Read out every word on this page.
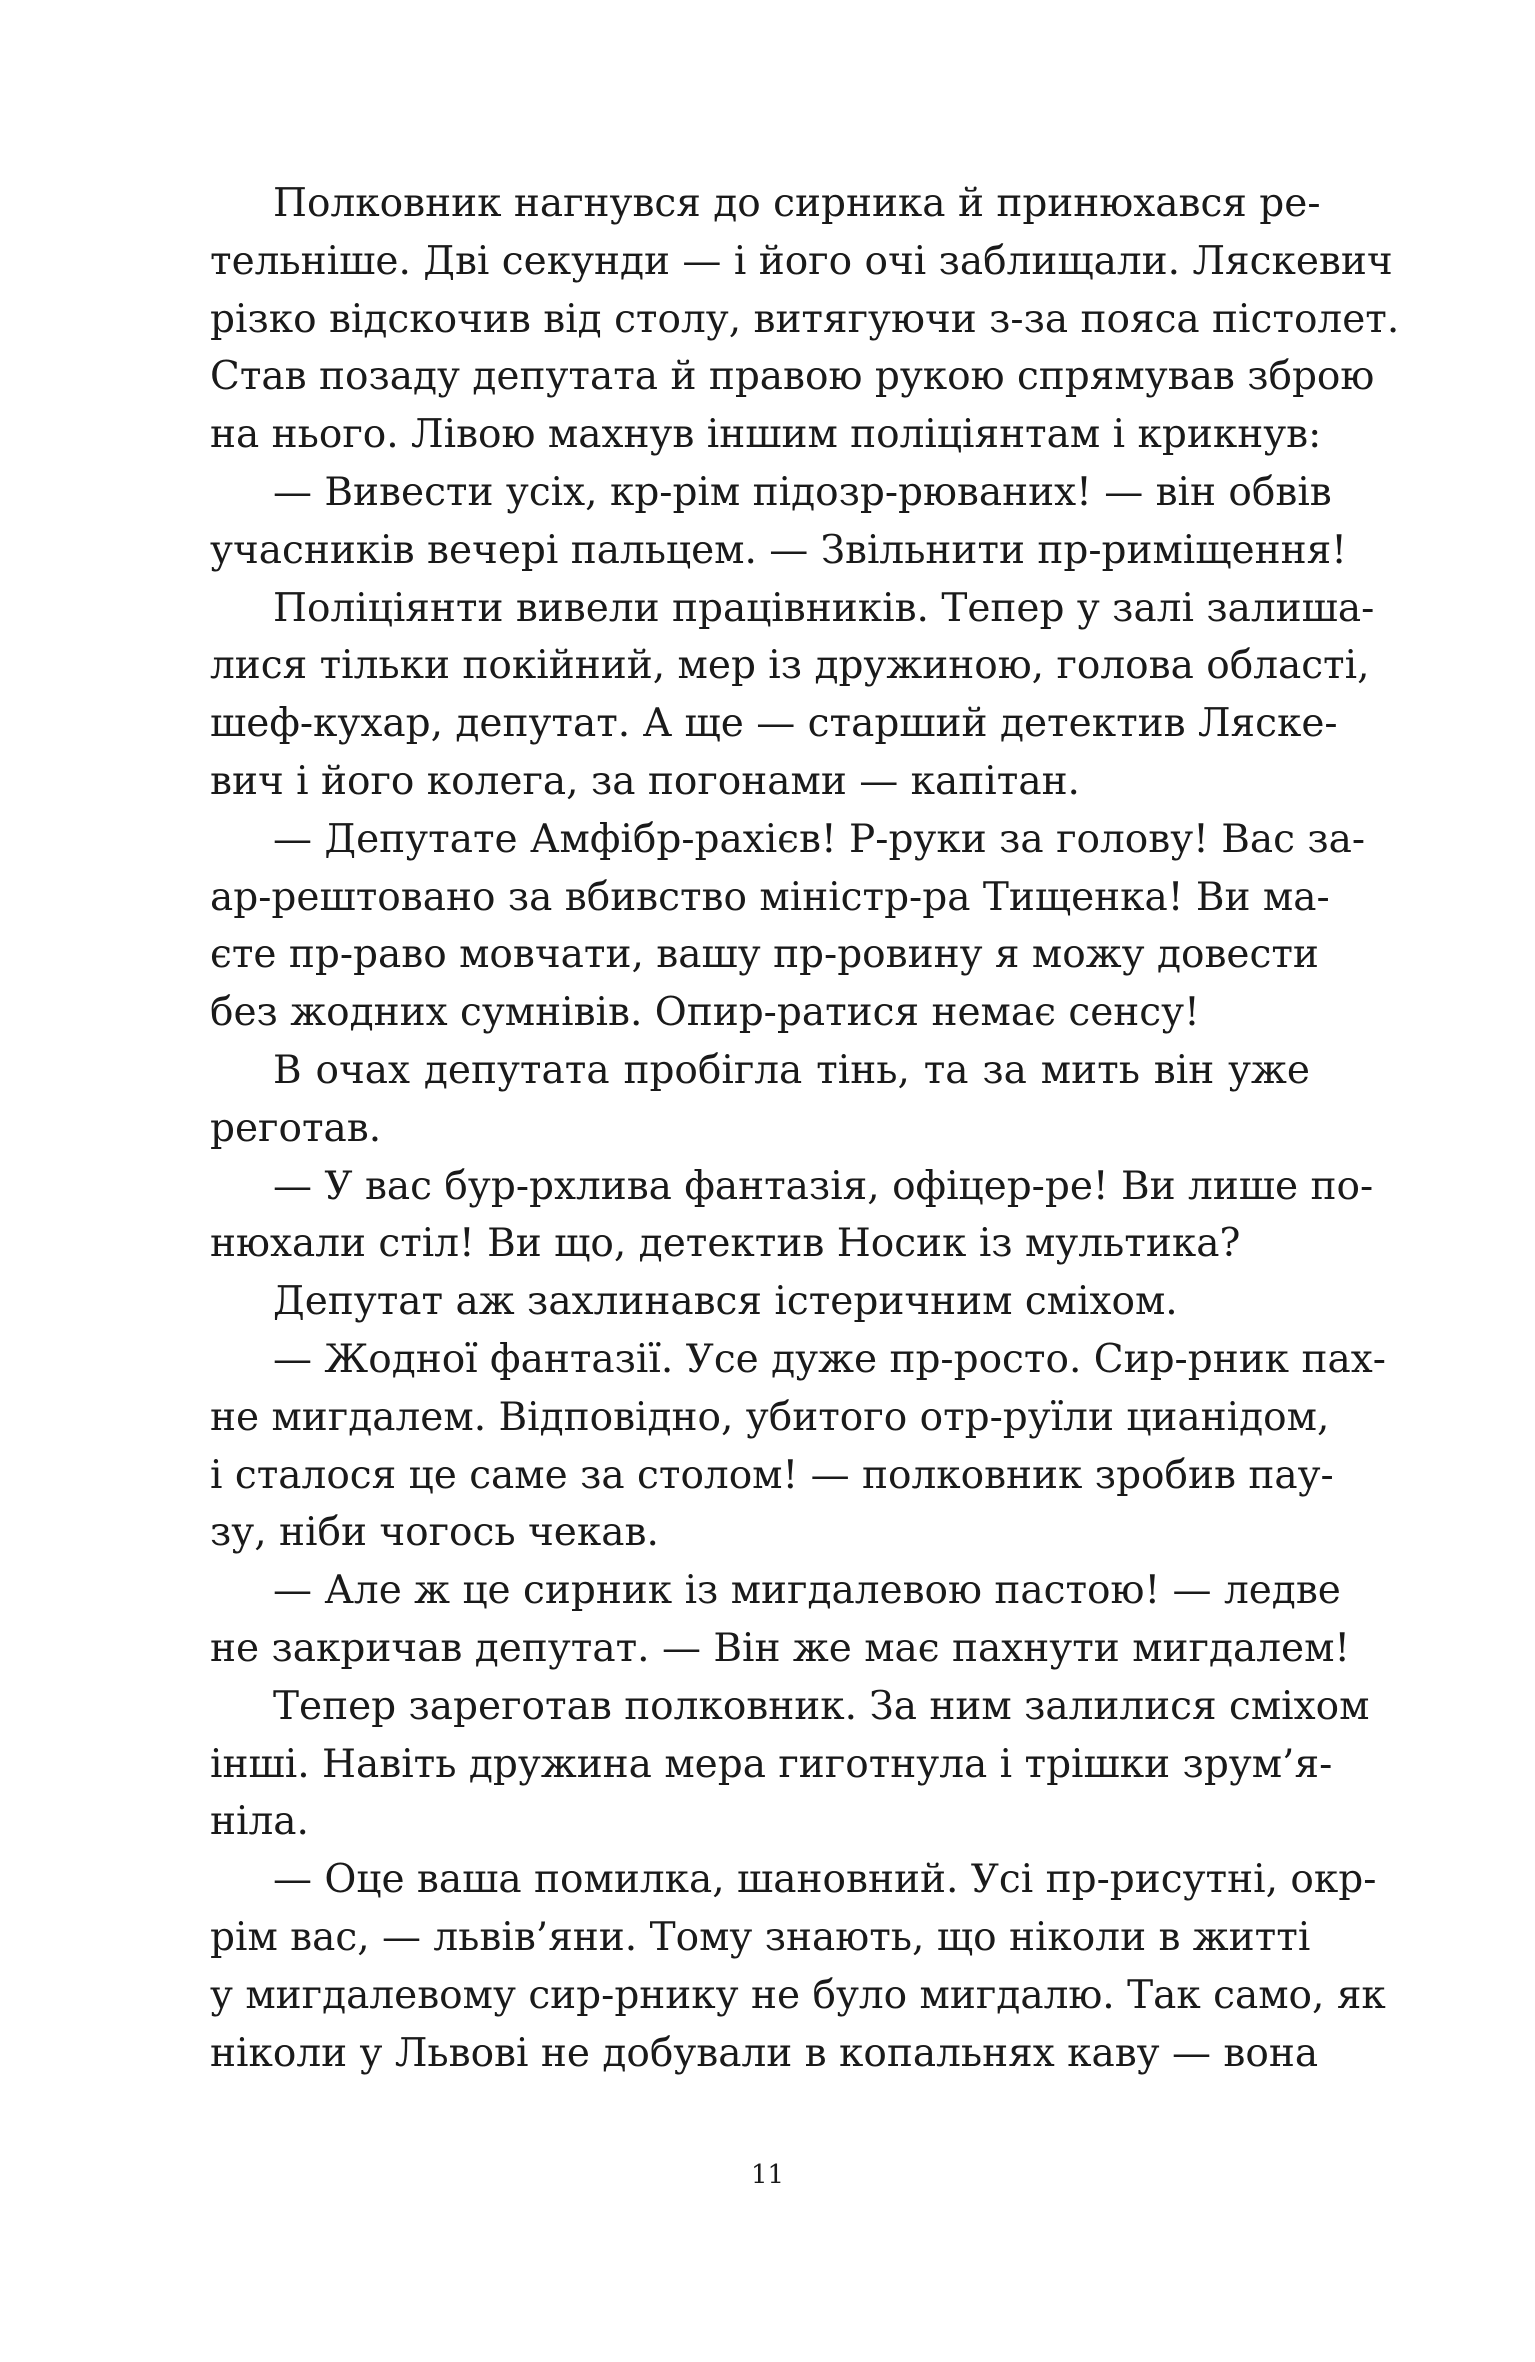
Полковник нагнувся до сирника й принюхався ре-
тельніше. Дві секунди — і його очі заблищали. Ляскевич
різко відскочив від столу, витягуючи з-за пояса пістолет.
Став позаду депутата й правою рукою спрямував зброю
на нього. Лівою махнув іншим поліціянтам і крикнув:
— Вивести усіх, кр-рім підозр-рюваних! — він обвів
учасників вечері пальцем. — Звільнити пр-риміщення!
Поліціянти вивели працівників. Тепер у залі залиша-
лися тільки покійний, мер із дружиною, голова області,
шеф-кухар, депутат. А ще — старший детектив Ляске-
вич і його колега, за погонами — капітан.
— Депутате Амфібр-рахієв! Р-руки за голову! Вас за-
ар-рештовано за вбивство міністр-ра Тищенка! Ви ма-
єте пр-раво мовчати, вашу пр-ровину я можу довести
без жодних сумнівів. Опир-ратися немає сенсу!
В очах депутата пробігла тінь, та за мить він уже
реготав.
— У вас бур-рхлива фантазія, офіцер-ре! Ви лише по-
нюхали стіл! Ви що, детектив Носик із мультика?
Депутат аж захлинався істеричним сміхом.
— Жодної фантазії. Усе дуже пр-росто. Сир-рник пах-
не мигдалем. Відповідно, убитого отр-руїли цианідом,
і сталося це саме за столом! — полковник зробив пау-
зу, ніби чогось чекав.
— Але ж це сирник із мигдалевою пастою! — ледве
не закричав депутат. — Він же має пахнути мигдалем!
Тепер зареготав полковник. За ним залилися сміхом
інші. Навіть дружина мера гиготнула і трішки зрум’я-
ніла.
— Оце ваша помилка, шановний. Усі пр-рисутні, окр-
рім вас, — львів’яни. Тому знають, що ніколи в житті
у мигдалевому сир-рнику не було мигдалю. Так само, як
ніколи у Львові не добували в копальнях каву — вона
11
